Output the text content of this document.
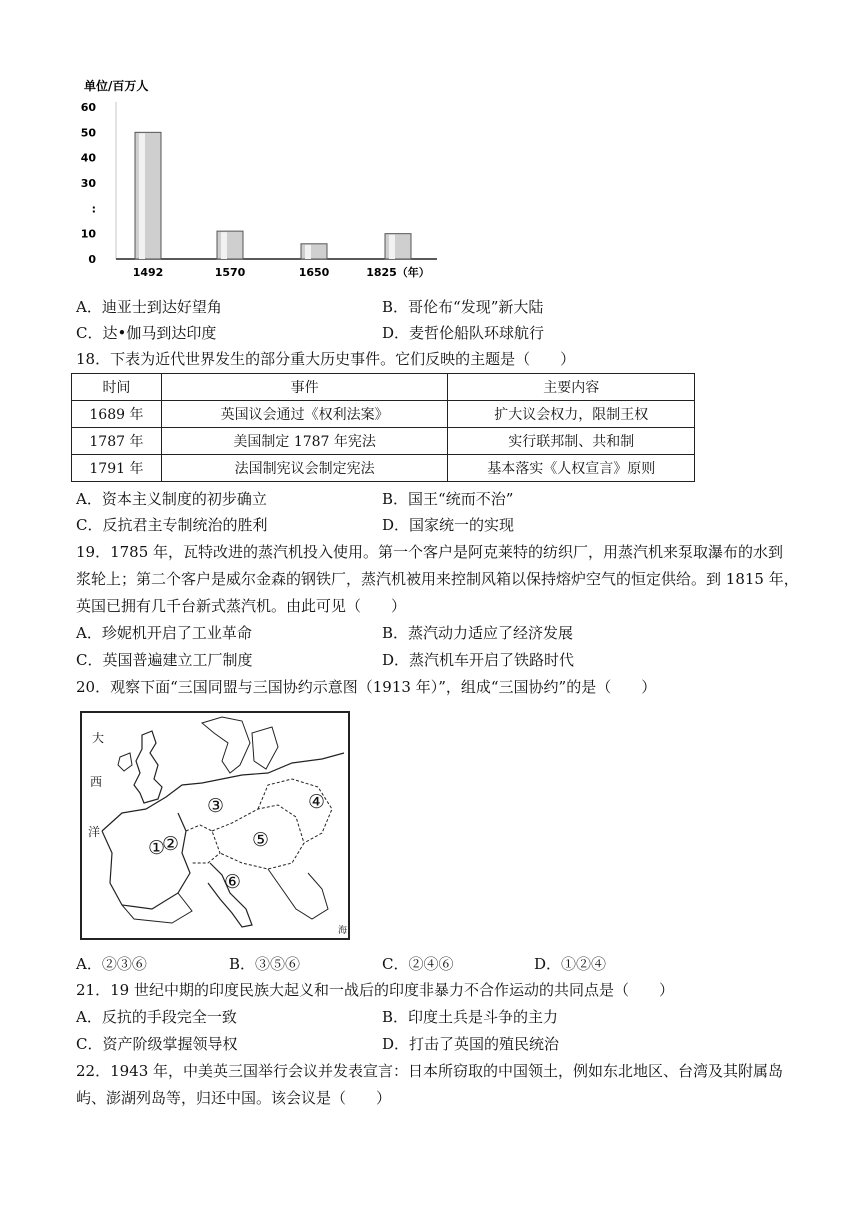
单位/百万人
60
50
40
30
:
10
0
1492	1570	1650	1825（年）
A．迪亚士到达好望角	B．哥伦布“发现”新大陆
C．达•伽马到达印度	D．麦哲伦船队环球航行
18．下表为近代世界发生的部分重大历史事件。它们反映的主题是（　　）
时间	事件	主要内容
1689 年	英国议会通过《权利法案》	扩大议会权力，限制王权
1787 年	美国制定 1787 年宪法	实行联邦制、共和制
1791 年	法国制宪议会制定宪法	基本落实《人权宣言》原则
A．资本主义制度的初步确立	B．国王“统而不治”
C．反抗君主专制统治的胜利	D．国家统一的实现
19．1785 年，瓦特改进的蒸汽机投入使用。第一个客户是阿克莱特的纺织厂，用蒸汽机来泵取瀑布的水到
浆轮上；第二个客户是威尔金森的钢铁厂，蒸汽机被用来控制风箱以保持熔炉空气的恒定供给。到 1815 年，
英国已拥有几千台新式蒸汽机。由此可见（　　）
A．珍妮机开启了工业革命	B．蒸汽动力适应了经济发展
C．英国普遍建立工厂制度	D．蒸汽机车开启了铁路时代
20．观察下面“三国同盟与三国协约示意图（1913 年）”，组成“三国协约”的是（　　）
大
西
洋
海
①
②
③	④
⑤
⑥
A．②③⑥	B．③⑤⑥	C．②④⑥	D．①②④
21．19 世纪中期的印度民族大起义和一战后的印度非暴力不合作运动的共同点是（　　）
A．反抗的手段完全一致	B．印度土兵是斗争的主力
C．资产阶级掌握领导权	D．打击了英国的殖民统治
22．1943 年，中美英三国举行会议并发表宣言：日本所窃取的中国领土，例如东北地区、台湾及其附属岛
屿、澎湖列岛等，归还中国。该会议是（　　）
